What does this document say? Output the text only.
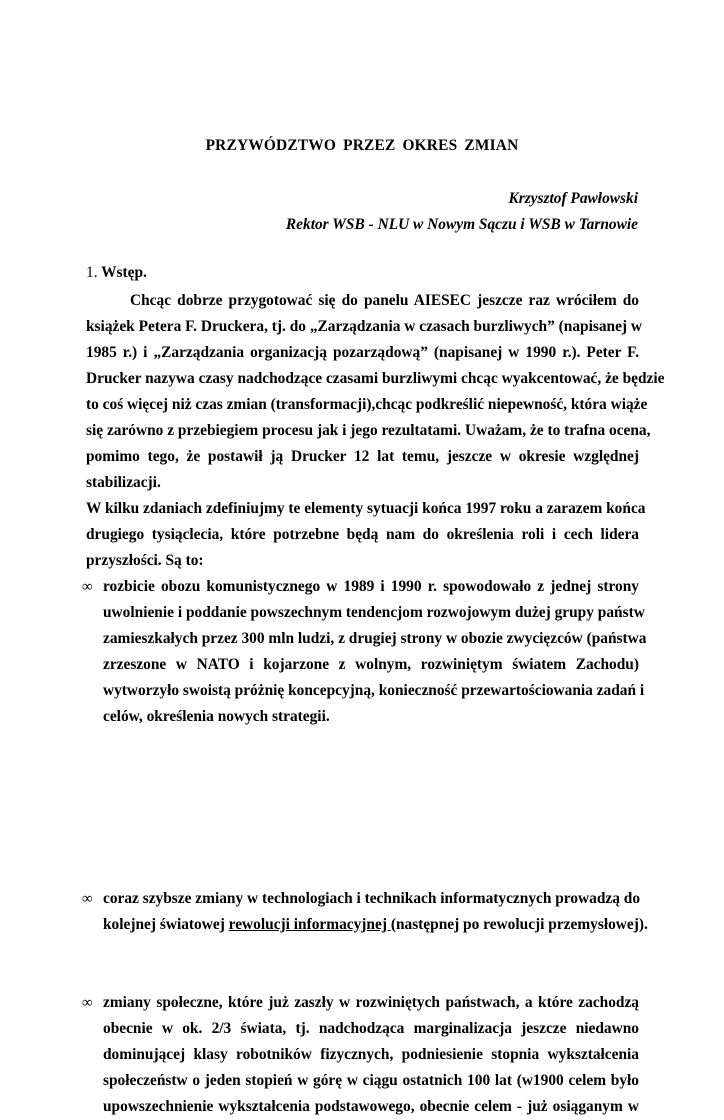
PRZYWÓDZTWO PRZEZ OKRES ZMIAN
Krzysztof Pawłowski
Rektor WSB - NLU w Nowym Sączu i WSB w Tarnowie
1. Wstęp.
Chcąc dobrze przygotować się do panelu AIESEC jeszcze raz wróciłem do
książek Petera F. Druckera, tj. do „Zarządzania w czasach burzliwych” (napisanej w
1985 r.) i „Zarządzania organizacją pozarządową” (napisanej w 1990 r.). Peter F.
Drucker nazywa czasy nadchodzące czasami burzliwymi chcąc wyakcentować, że będzie
to coś więcej niż czas zmian (transformacji),chcąc podkreślić niepewność, która wiąże
się zarówno z przebiegiem procesu jak i jego rezultatami. Uważam, że to trafna ocena,
pomimo tego, że postawił ją Drucker 12 lat temu, jeszcze w okresie względnej
stabilizacji.
W kilku zdaniach zdefiniujmy te elementy sytuacji końca 1997 roku a zarazem końca
drugiego tysiąclecia, które potrzebne będą nam do określenia roli i cech lidera
przyszłości. Są to:
∞ rozbicie obozu komunistycznego w 1989 i 1990 r. spowodowało z jednej strony
uwolnienie i poddanie powszechnym tendencjom rozwojowym dużej grupy państw
zamieszkałych przez 300 mln ludzi, z drugiej strony w obozie zwycięzców (państwa
zrzeszone w NATO i kojarzone z wolnym, rozwiniętym światem Zachodu)
wytworzyło swoistą próżnię koncepcyjną, konieczność przewartościowania zadań i
celów, określenia nowych strategii.
∞ coraz szybsze zmiany w technologiach i technikach informatycznych prowadzą do
kolejnej światowej rewolucji informacyjnej (następnej po rewolucji przemysłowej).
∞ zmiany społeczne, które już zaszły w rozwiniętych państwach, a które zachodzą
obecnie w ok. 2/3 świata, tj. nadchodząca marginalizacja jeszcze niedawno
dominującej klasy robotników fizycznych, podniesienie stopnia wykształcenia
społeczeństw o jeden stopień w górę w ciągu ostatnich 100 lat (w1900 celem było
upowszechnienie wykształcenia podstawowego, obecnie celem - już osiąganym w
